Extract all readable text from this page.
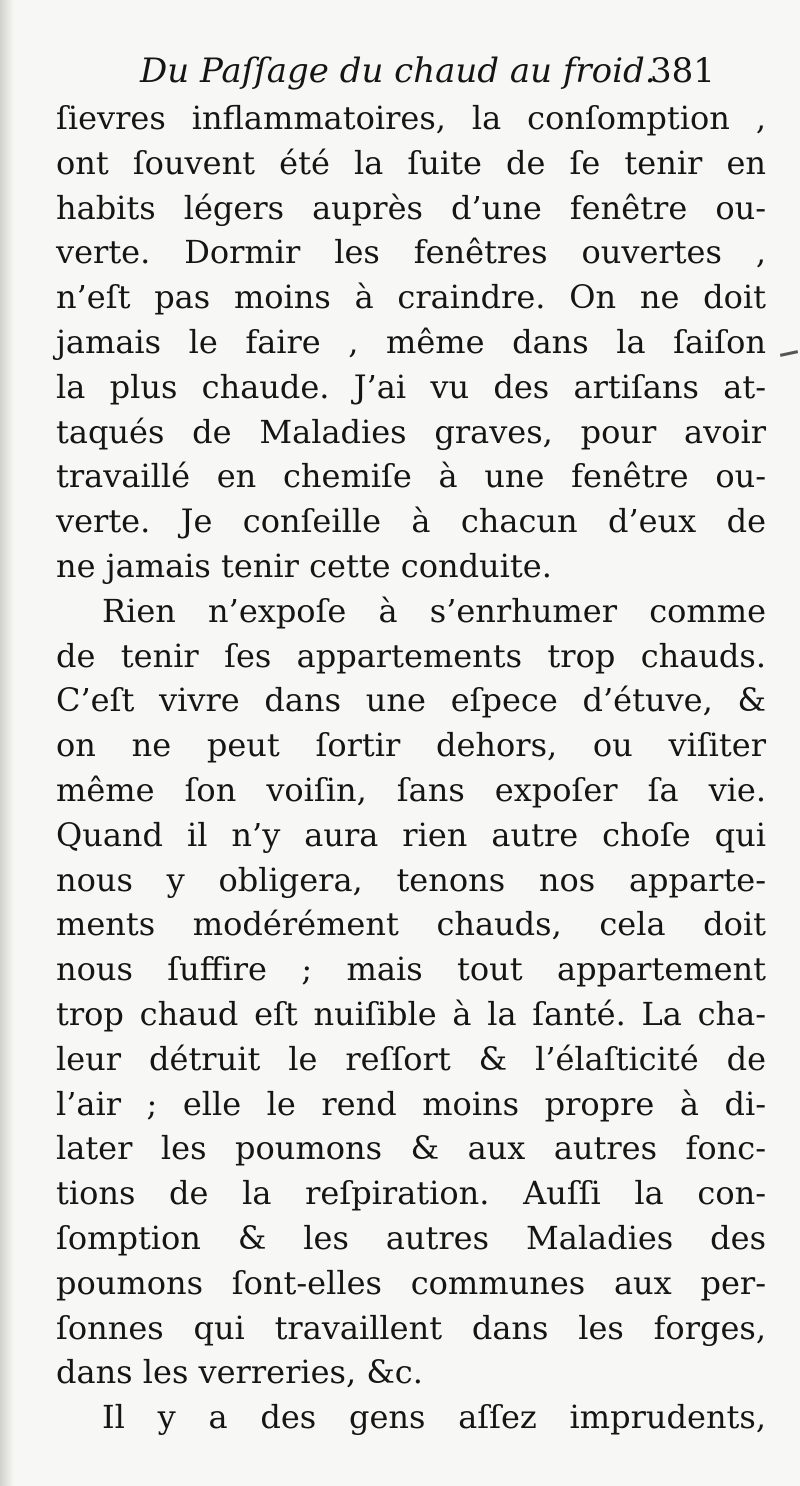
Du Paſſage du chaud au froid.
381
ſievres inflammatoires, la conſomption ,
ont ſouvent été la ſuite de ſe tenir en
habits légers auprès d’une fenêtre ou-
verte. Dormir les fenêtres ouvertes ,
n’eſt pas moins à craindre. On ne doit
jamais le faire , même dans la ſaiſon
la plus chaude. J’ai vu des artiſans at-
taqués de Maladies graves, pour avoir
travaillé en chemiſe à une fenêtre ou-
verte. Je conſeille à chacun d’eux de
ne jamais tenir cette conduite.
Rien n’expoſe à s’enrhumer comme
de tenir ſes appartements trop chauds.
C’eſt vivre dans une eſpece d’étuve, &
on ne peut ſortir dehors, ou viſiter
même ſon voiſin, ſans expoſer ſa vie.
Quand il n’y aura rien autre choſe qui
nous y obligera, tenons nos apparte-
ments modérément chauds, cela doit
nous ſuffire ; mais tout appartement
trop chaud eſt nuiſible à la ſanté. La cha-
leur détruit le reſſort & l’élaſticité de
l’air ; elle le rend moins propre à di-
later les poumons & aux autres fonc-
tions de la reſpiration. Auſſi la con-
ſomption & les autres Maladies des
poumons ſont-elles communes aux per-
ſonnes qui travaillent dans les forges,
dans les verreries, &c.
Il y a des gens aſſez imprudents,
